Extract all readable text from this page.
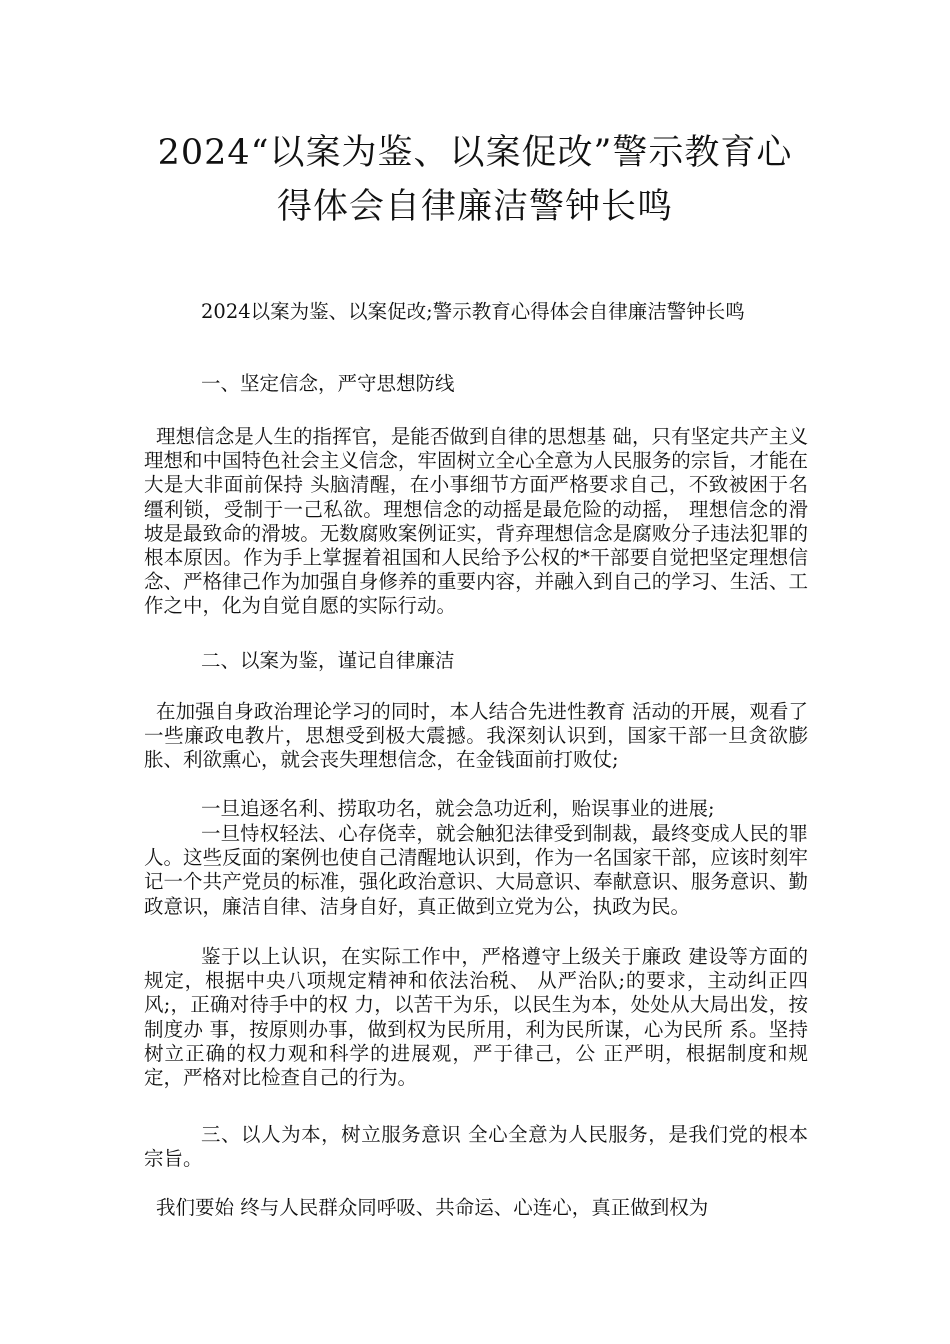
2024“以案为鉴、以案促改”警示教育心
得体会自律廉洁警钟长鸣

2024以案为鉴、以案促改;警示教育心得体会自律廉洁警钟长鸣

一、坚定信念，严守思想防线

理想信念是人生的指挥官，是能否做到自律的思想基 础，只有坚定共产主义理想和中国特色社会主义信念，牢固树立全心全意为人民服务的宗旨，才能在大是大非面前保持 头脑清醒，在小事细节方面严格要求自己，不致被困于名缰利锁，受制于一己私欲。理想信念的动摇是最危险的动摇， 理想信念的滑坡是最致命的滑坡。无数腐败案例证实，背弃理想信念是腐败分子违法犯罪的根本原因。作为手上掌握着祖国和人民给予公权的*干部要自觉把坚定理想信念、严格律己作为加强自身修养的重要内容，并融入到自己的学习、生活、工作之中，化为自觉自愿的实际行动。

二、以案为鉴，谨记自律廉洁

在加强自身政治理论学习的同时，本人结合先进性教育 活动的开展，观看了一些廉政电教片，思想受到极大震撼。我深刻认识到，国家干部一旦贪欲膨胀、利欲熏心，就会丧失理想信念，在金钱面前打败仗;

一旦追逐名利、捞取功名，就会急功近利，贻误事业的进展;

一旦恃权轻法、心存侥幸，就会触犯法律受到制裁，最终变成人民的罪人。这些反面的案例也使自己清醒地认识到，作为一名国家干部，应该时刻牢记一个共产党员的标准，强化政治意识、大局意识、奉献意识、服务意识、勤政意识，廉洁自律、洁身自好，真正做到立党为公，执政为民。

鉴于以上认识，在实际工作中，严格遵守上级关于廉政 建设等方面的规定，根据中央八项规定精神和依法治税、 从严治队;的要求，主动纠正四风;，正确对待手中的权 力，以苦干为乐，以民生为本，处处从大局出发，按制度办 事，按原则办事，做到权为民所用，利为民所谋，心为民所 系。坚持树立正确的权力观和科学的进展观，严于律己，公 正严明，根据制度和规定，严格对比检查自己的行为。

三、以人为本，树立服务意识 全心全意为人民服务，是我们党的根本宗旨。

我们要始 终与人民群众同呼吸、共命运、心连心，真正做到权为
